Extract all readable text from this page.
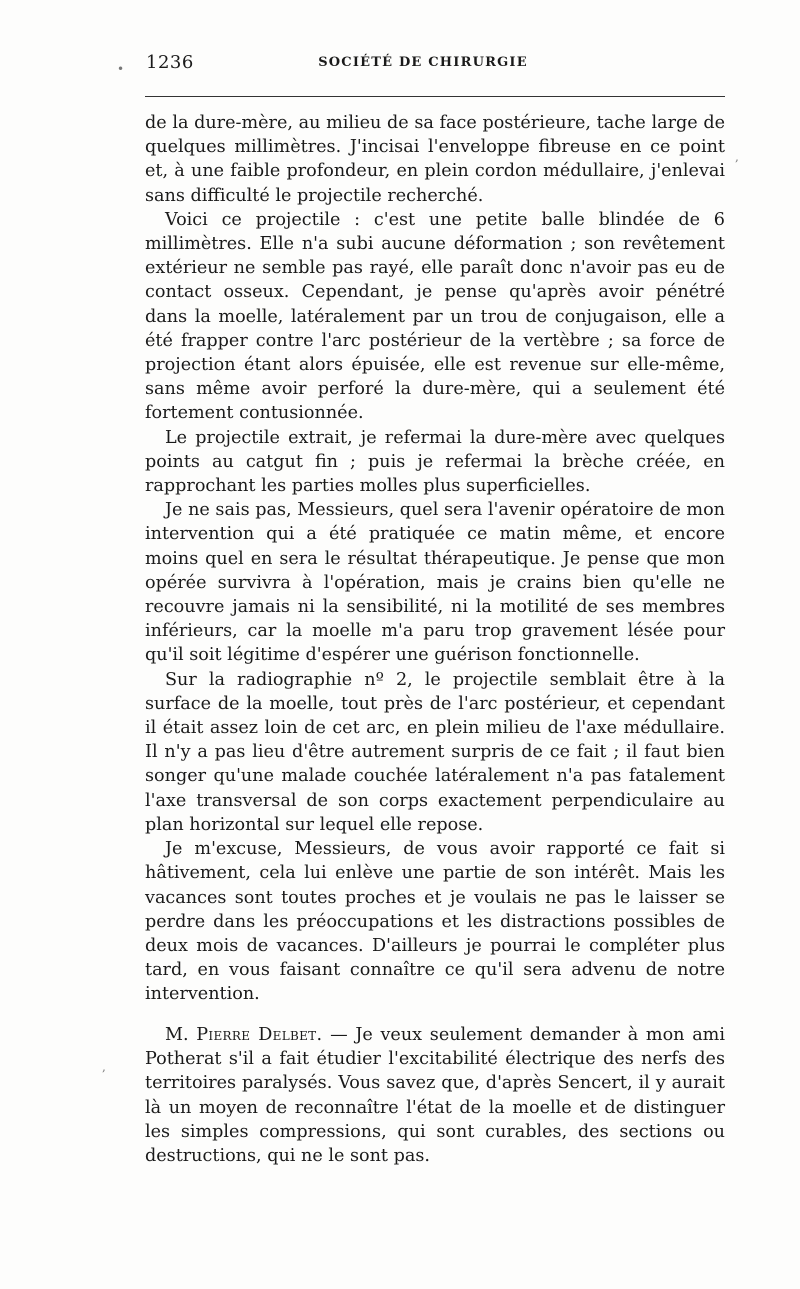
1236	SOCIÉTÉ DE CHIRURGIE

de la dure-mère, au milieu de sa face postérieure, tache large de quelques millimètres. J'incisai l'enveloppe fibreuse en ce point et, à une faible profondeur, en plein cordon médullaire, j'enlevai sans difficulté le projectile recherché.

Voici ce projectile : c'est une petite balle blindée de 6 millimètres. Elle n'a subi aucune déformation ; son revêtement extérieur ne semble pas rayé, elle paraît donc n'avoir pas eu de contact osseux. Cependant, je pense qu'après avoir pénétré dans la moelle, latéralement par un trou de conjugaison, elle a été frapper contre l'arc postérieur de la vertèbre ; sa force de projection étant alors épuisée, elle est revenue sur elle-même, sans même avoir perforé la dure-mère, qui a seulement été fortement contusionnée.

Le projectile extrait, je refermai la dure-mère avec quelques points au catgut fin ; puis je refermai la brèche créée, en rapprochant les parties molles plus superficielles.

Je ne sais pas, Messieurs, quel sera l'avenir opératoire de mon intervention qui a été pratiquée ce matin même, et encore moins quel en sera le résultat thérapeutique. Je pense que mon opérée survivra à l'opération, mais je crains bien qu'elle ne recouvre jamais ni la sensibilité, ni la motilité de ses membres inférieurs, car la moelle m'a paru trop gravement lésée pour qu'il soit légitime d'espérer une guérison fonctionnelle.

Sur la radiographie nº 2, le projectile semblait être à la surface de la moelle, tout près de l'arc postérieur, et cependant il était assez loin de cet arc, en plein milieu de l'axe médullaire. Il n'y a pas lieu d'être autrement surpris de ce fait ; il faut bien songer qu'une malade couchée latéralement n'a pas fatalement l'axe transversal de son corps exactement perpendiculaire au plan horizontal sur lequel elle repose.

Je m'excuse, Messieurs, de vous avoir rapporté ce fait si hâtivement, cela lui enlève une partie de son intérêt. Mais les vacances sont toutes proches et je voulais ne pas le laisser se perdre dans les préoccupations et les distractions possibles de deux mois de vacances. D'ailleurs je pourrai le compléter plus tard, en vous faisant connaître ce qu'il sera advenu de notre intervention.

M. Pierre Delbet. — Je veux seulement demander à mon ami Potherat s'il a fait étudier l'excitabilité électrique des nerfs des territoires paralysés. Vous savez que, d'après Sencert, il y aurait là un moyen de reconnaître l'état de la moelle et de distinguer les simples compressions, qui sont curables, des sections ou destructions, qui ne le sont pas.

•
,
,
